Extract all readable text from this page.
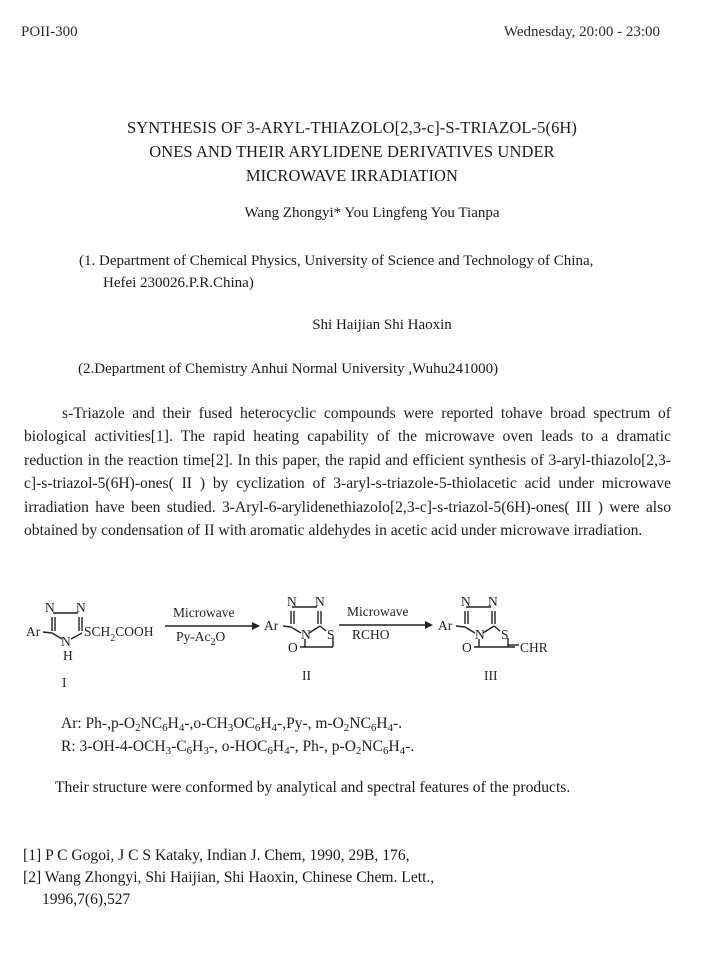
POII-300	Wednesday, 20:00 - 23:00
SYNTHESIS OF 3-ARYL-THIAZOLO[2,3-c]-S-TRIAZOL-5(6H)
ONES AND THEIR ARYLIDENE DERIVATIVES UNDER
MICROWAVE IRRADIATION
Wang Zhongyi* You Lingfeng You Tianpa
(1. Department of Chemical Physics, University of Science and Technology of China,
Hefei 230026.P.R.China)
Shi Haijian Shi Haoxin
(2.Department of Chemistry Anhui Normal University ,Wuhu241000)

s-Triazole and their fused heterocyclic compounds were reported tohave broad spectrum of biological activities[1]. The rapid heating capability of the microwave oven leads to a dramatic reduction in the reaction time[2]. In this paper, the rapid and efficient synthesis of 3-aryl-thiazolo[2,3-c]-s-triazol-5(6H)-ones( II ) by cyclization of 3-aryl-s-triazole-5-thiolacetic acid under microwave irradiation have been studied. 3-Aryl-6-arylidenethiazolo[2,3-c]-s-triazol-5(6H)-ones( III ) were also obtained by condensation of II with aromatic aldehydes in acetic acid under microwave irradiation.

N N
Ar
N
H
$SCH_2COOH$
I
Microwave
$Py-Ac_2O$
N N
Ar
N S
O
II
Microwave
RCHO
N N
Ar
N S
O	CHR
III
Ar: $Ph-,p-O_2NC_6H_4-,o-CH_3OC_6H_4-,Py-$, $m-O_2NC_6H_4-$.
R: $3-OH-4-OCH_3-C_6H_3-$, $o-HOC_6H_4-$, Ph-, $p-O_2NC_6H_4-$.
Their structure were conformed by analytical and spectral features of the products.
[1] P C Gogoi, J C S Kataky, Indian J. Chem, 1990, 29B, 176,
[2] Wang Zhongyi, Shi Haijian, Shi Haoxin, Chinese Chem. Lett.,
1996,7(6),527
